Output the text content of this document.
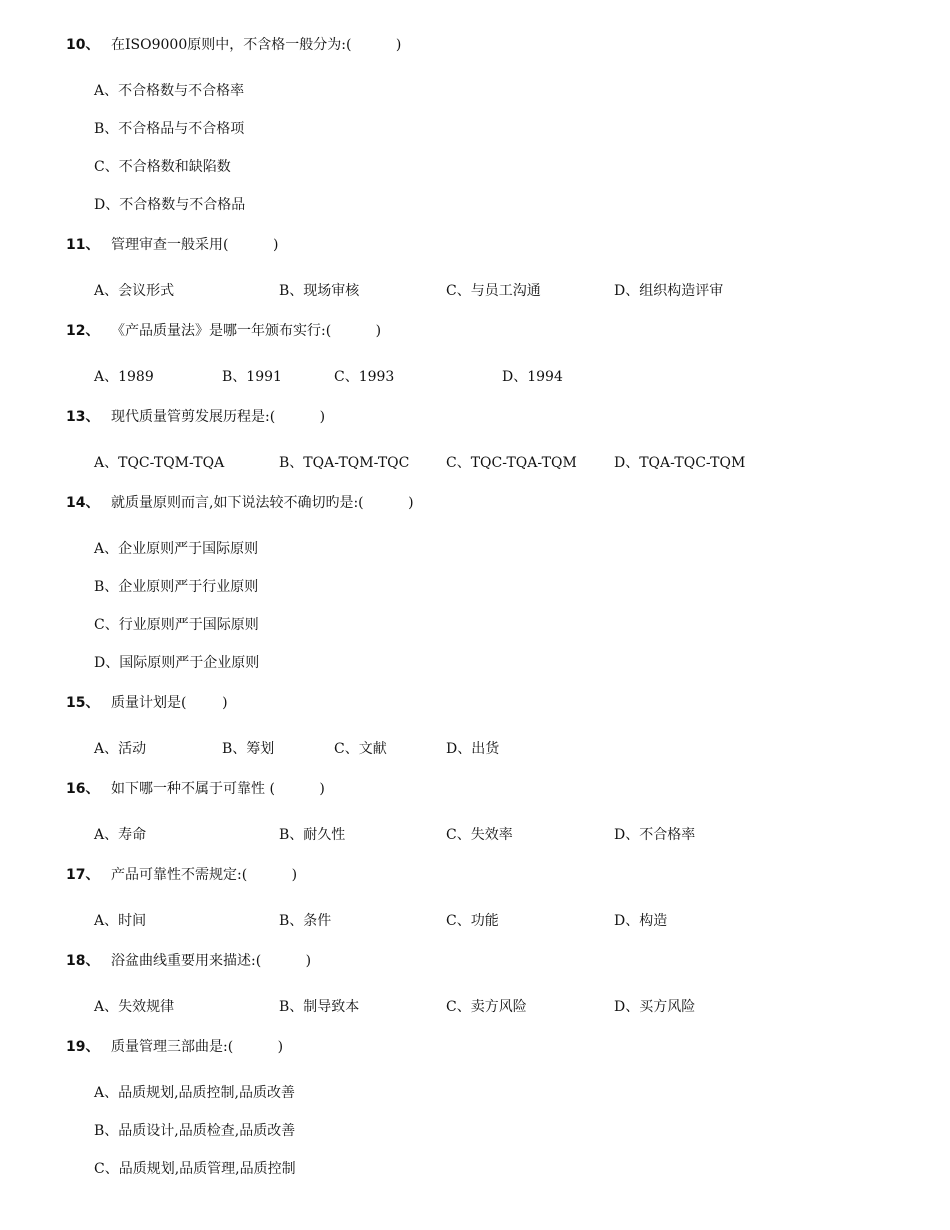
10、 在ISO9000原则中，不含格一般分为:(          )
A、不合格数与不合格率
B、不合格品与不合格项
C、不合格数和缺陷数
D、不合格数与不合格品
11、 管理审查一般采用(          )
A、会议形式	B、现场审核	C、与员工沟通	D、组织构造评审
12、 《产品质量法》是哪一年颁布实行:(          )
A、1989	B、1991	C、1993	D、1994
13、 现代质量管剪发展历程是:(          )
A、TQC-TQM-TQA	B、TQA-TQM-TQC	C、TQC-TQA-TQM	D、TQA-TQC-TQM
14、 就质量原则而言,如下说法较不确切旳是:(          )
A、企业原则严于国际原则
B、企业原则严于行业原则
C、行业原则严于国际原则
D、国际原则严于企业原则
15、 质量计划是(        )
A、活动	B、筹划	C、文献	D、出货
16、 如下哪一种不属于可靠性 (          )
A、寿命	B、耐久性	C、失效率	D、不合格率
17、 产品可靠性不需规定:(          )
A、时间	B、条件	C、功能	D、构造
18、 浴盆曲线重要用来描述:(          )
A、失效规律	B、制导致本	C、卖方风险	D、买方风险
19、 质量管理三部曲是:(          )
A、品质规划,品质控制,品质改善
B、品质设计,品质检查,品质改善
C、品质规划,品质管理,品质控制
